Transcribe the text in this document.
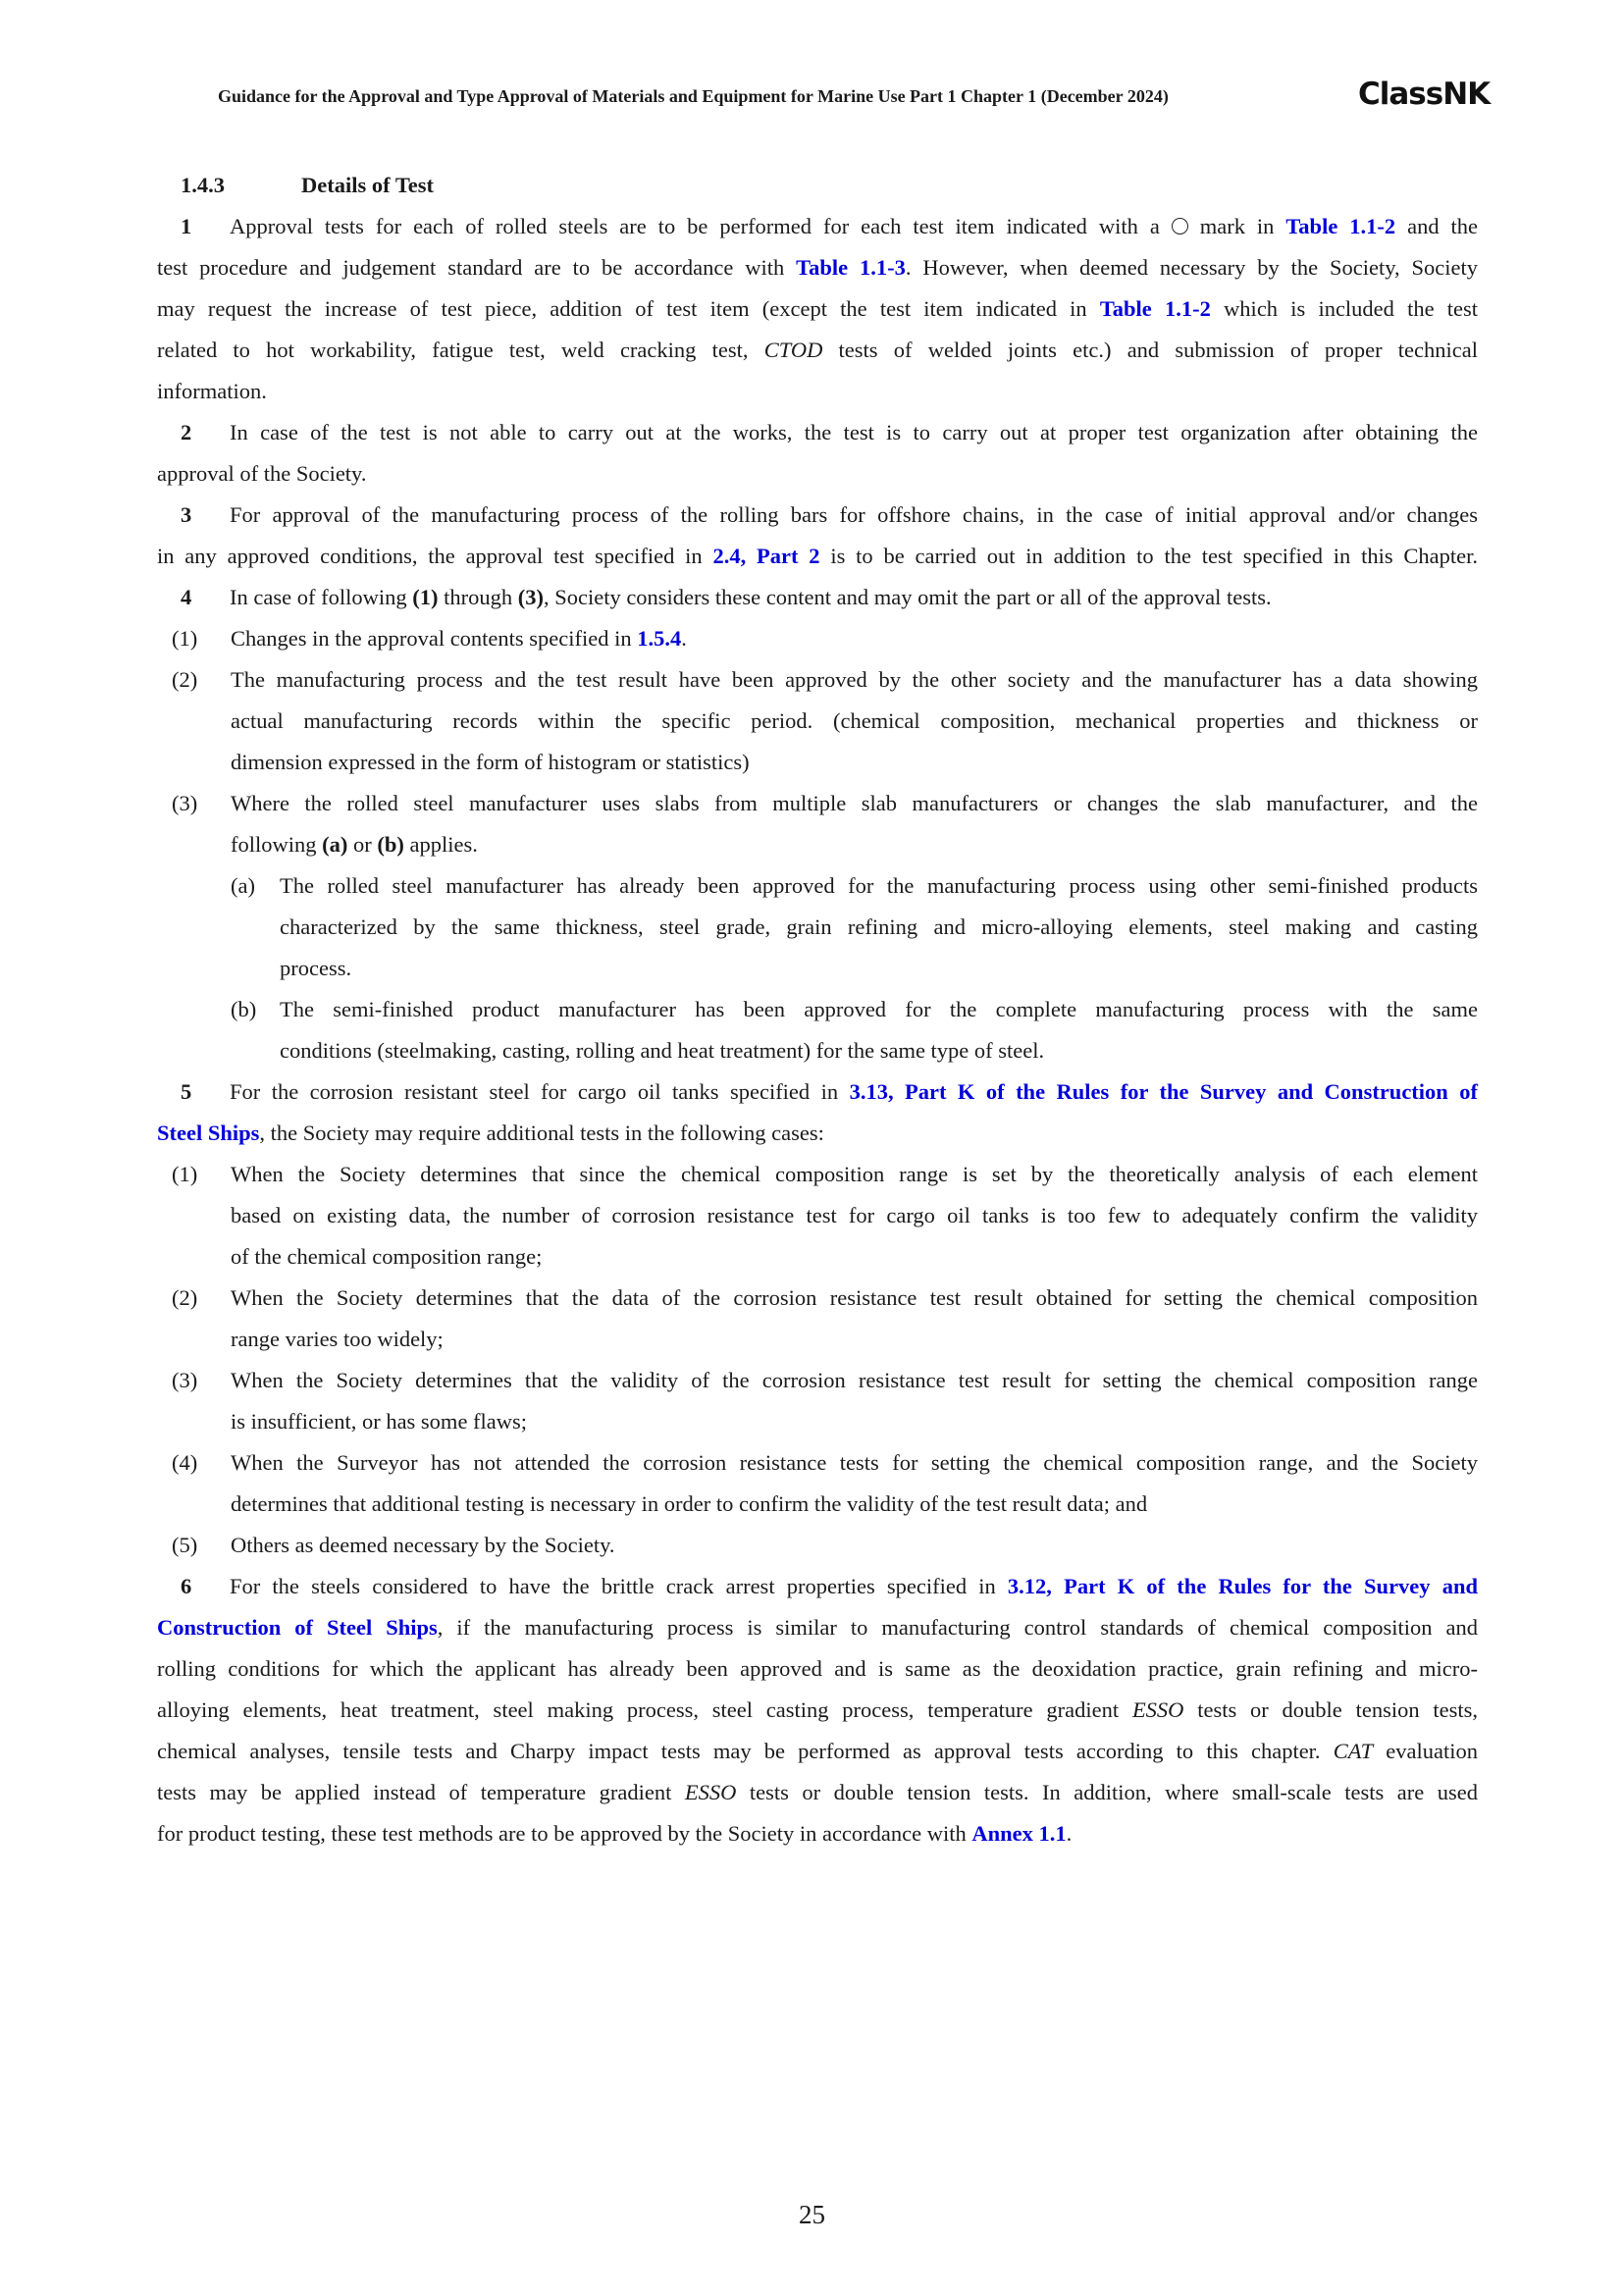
Guidance for the Approval and Type Approval of Materials and Equipment for Marine Use Part 1 Chapter 1 (December 2024)	ClassNK
1.4.3	Details of Test
1 Approval tests for each of rolled steels are to be performed for each test item indicated with a ○ mark in Table 1.1-2 and the
test procedure and judgement standard are to be accordance with Table 1.1-3. However, when deemed necessary by the Society, Society
may request the increase of test piece, addition of test item (except the test item indicated in Table 1.1-2 which is included the test
related to hot workability, fatigue test, weld cracking test, CTOD tests of welded joints etc.) and submission of proper technical
information.
2 In case of the test is not able to carry out at the works, the test is to carry out at proper test organization after obtaining the
approval of the Society.
3 For approval of the manufacturing process of the rolling bars for offshore chains, in the case of initial approval and/or changes
in any approved conditions, the approval test specified in 2.4, Part 2 is to be carried out in addition to the test specified in this Chapter.
4 In case of following (1) through (3), Society considers these content and may omit the part or all of the approval tests.
(1) Changes in the approval contents specified in 1.5.4.
(2) The manufacturing process and the test result have been approved by the other society and the manufacturer has a data showing
actual manufacturing records within the specific period. (chemical composition, mechanical properties and thickness or
dimension expressed in the form of histogram or statistics)
(3) Where the rolled steel manufacturer uses slabs from multiple slab manufacturers or changes the slab manufacturer, and the
following (a) or (b) applies.
(a) The rolled steel manufacturer has already been approved for the manufacturing process using other semi-finished products
characterized by the same thickness, steel grade, grain refining and micro-alloying elements, steel making and casting
process.
(b) The semi-finished product manufacturer has been approved for the complete manufacturing process with the same
conditions (steelmaking, casting, rolling and heat treatment) for the same type of steel.
5 For the corrosion resistant steel for cargo oil tanks specified in 3.13, Part K of the Rules for the Survey and Construction of
Steel Ships, the Society may require additional tests in the following cases:
(1) When the Society determines that since the chemical composition range is set by the theoretically analysis of each element
based on existing data, the number of corrosion resistance test for cargo oil tanks is too few to adequately confirm the validity
of the chemical composition range;
(2) When the Society determines that the data of the corrosion resistance test result obtained for setting the chemical composition
range varies too widely;
(3) When the Society determines that the validity of the corrosion resistance test result for setting the chemical composition range
is insufficient, or has some flaws;
(4) When the Surveyor has not attended the corrosion resistance tests for setting the chemical composition range, and the Society
determines that additional testing is necessary in order to confirm the validity of the test result data; and
(5) Others as deemed necessary by the Society.
6 For the steels considered to have the brittle crack arrest properties specified in 3.12, Part K of the Rules for the Survey and
Construction of Steel Ships, if the manufacturing process is similar to manufacturing control standards of chemical composition and
rolling conditions for which the applicant has already been approved and is same as the deoxidation practice, grain refining and micro-
alloying elements, heat treatment, steel making process, steel casting process, temperature gradient ESSO tests or double tension tests,
chemical analyses, tensile tests and Charpy impact tests may be performed as approval tests according to this chapter. CAT evaluation
tests may be applied instead of temperature gradient ESSO tests or double tension tests. In addition, where small-scale tests are used
for product testing, these test methods are to be approved by the Society in accordance with Annex 1.1.
25
